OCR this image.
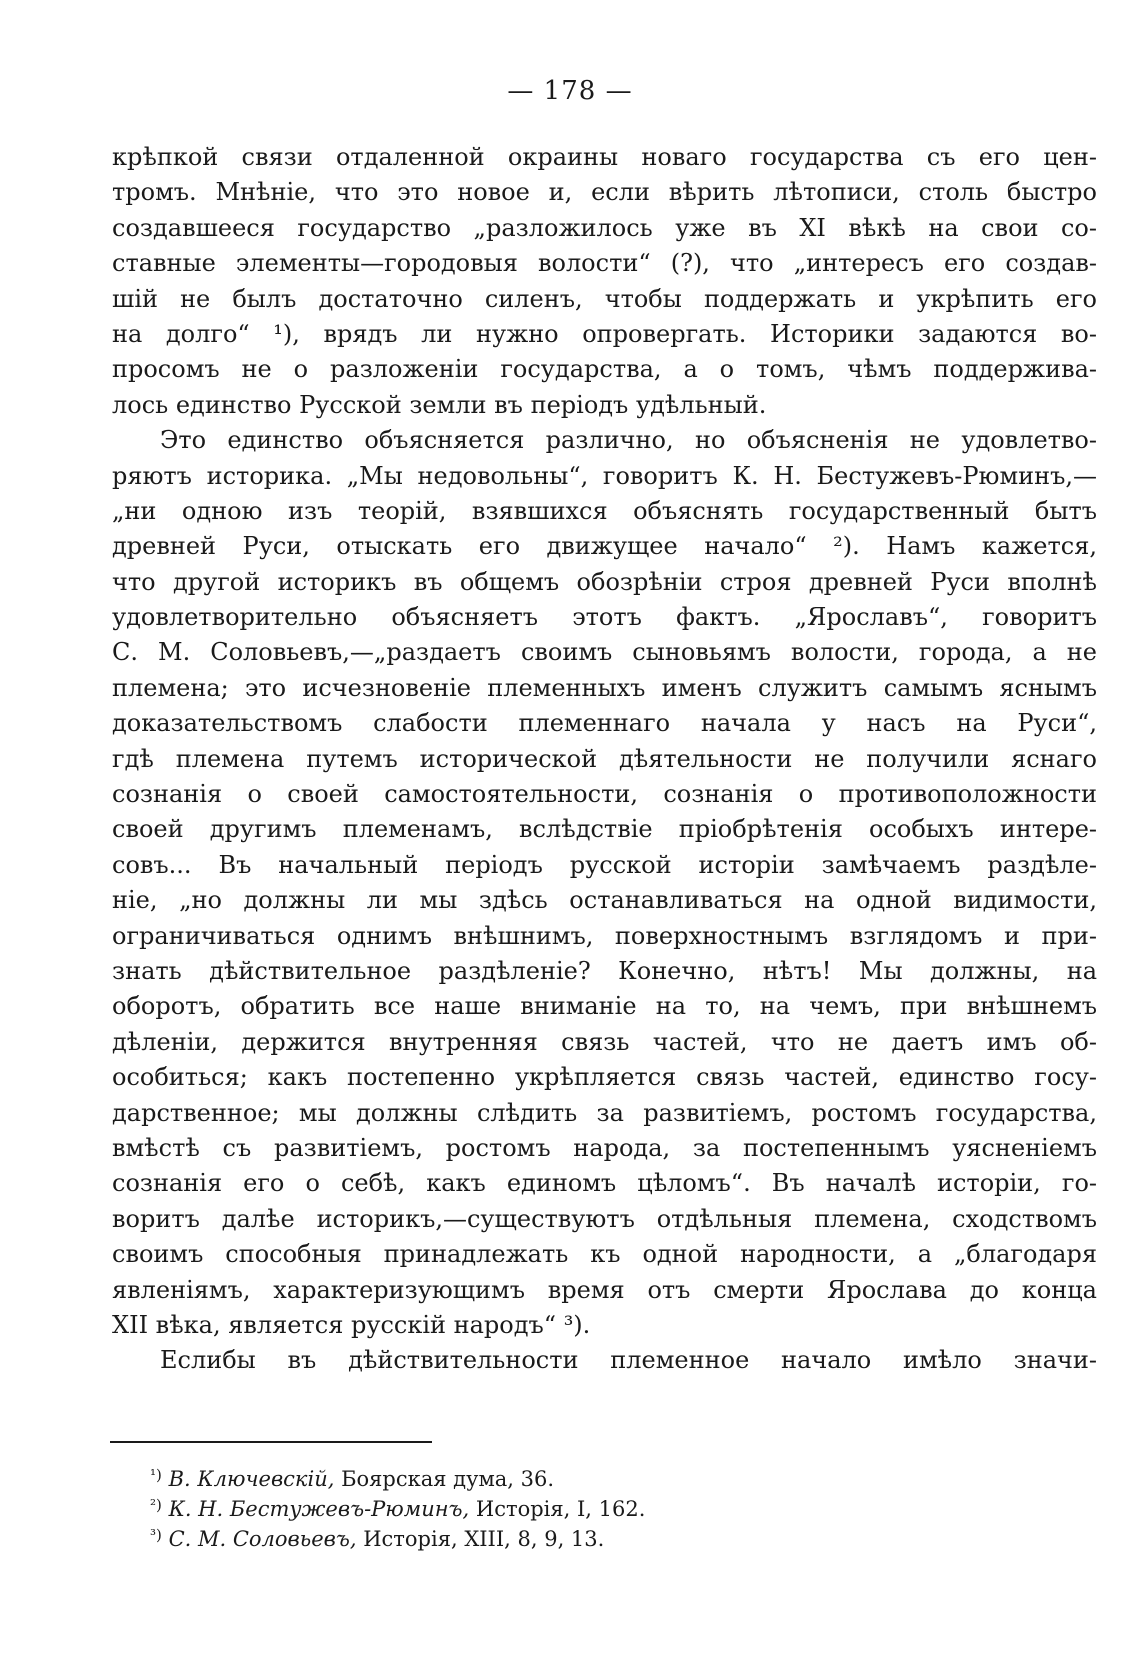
— 178 —
крѣпкой связи отдаленной окраины новаго государства съ его цен-
тромъ. Мнѣніе, что это новое и, если вѣрить лѣтописи, столь быстро
создавшееся государство „разложилось уже въ XI вѣкѣ на свои со-
ставные элементы—городовыя волости“ (?), что „интересъ его создав-
шій не былъ достаточно силенъ, чтобы поддержать и укрѣпить его
на долго“ ¹), врядъ ли нужно опровергать. Историки задаются во-
просомъ не о разложеніи государства, а о томъ, чѣмъ поддержива-
лось единство Русской земли въ періодъ удѣльный.
Это единство объясняется различно, но объясненія не удовлетво-
ряютъ историка. „Мы недовольны“, говоритъ К. Н. Бестужевъ-Рюминъ,—
„ни одною изъ теорій, взявшихся объяснять государственный бытъ
древней Руси, отыскать его движущее начало“ ²). Намъ кажется,
что другой историкъ въ общемъ обозрѣніи строя древней Руси вполнѣ
удовлетворительно объясняетъ этотъ фактъ. „Ярославъ“, говоритъ
С. М. Соловьевъ,—„раздаетъ своимъ сыновьямъ волости, города, а не
племена; это исчезновеніе племенныхъ именъ служитъ самымъ яснымъ
доказательствомъ слабости племеннаго начала у насъ на Руси“,
гдѣ племена путемъ исторической дѣятельности не получили яснаго
сознанія о своей самостоятельности, сознанія о противоположности
своей другимъ племенамъ, вслѣдствіе пріобрѣтенія особыхъ интере-
совъ... Въ начальный періодъ русской исторіи замѣчаемъ раздѣле-
ніе, „но должны ли мы здѣсь останавливаться на одной видимости,
ограничиваться однимъ внѣшнимъ, поверхностнымъ взглядомъ и при-
знать дѣйствительное раздѣленіе? Конечно, нѣтъ! Мы должны, на
оборотъ, обратить все наше вниманіе на то, на чемъ, при внѣшнемъ
дѣленіи, держится внутренняя связь частей, что не даетъ имъ об-
особиться; какъ постепенно укрѣпляется связь частей, единство госу-
дарственное; мы должны слѣдить за развитіемъ, ростомъ государства,
вмѣстѣ съ развитіемъ, ростомъ народа, за постепеннымъ уясненіемъ
сознанія его о себѣ, какъ единомъ цѣломъ“. Въ началѣ исторіи, го-
воритъ далѣе историкъ,—существуютъ отдѣльныя племена, сходствомъ
своимъ способныя принадлежать къ одной народности, а „благодаря
явленіямъ, характеризующимъ время отъ смерти Ярослава до конца
XII вѣка, является русскій народъ“ ³).
Еслибы въ дѣйствительности племенное начало имѣло значи-
$^{^1)}$ В. Ключевскій, Боярская дума, 36.
$^{^2)}$ К. Н. Бестужевъ-Рюминъ, Исторія, I, 162.
$^{^3)}$ С. М. Соловьевъ, Исторія, XIII, 8, 9, 13.
